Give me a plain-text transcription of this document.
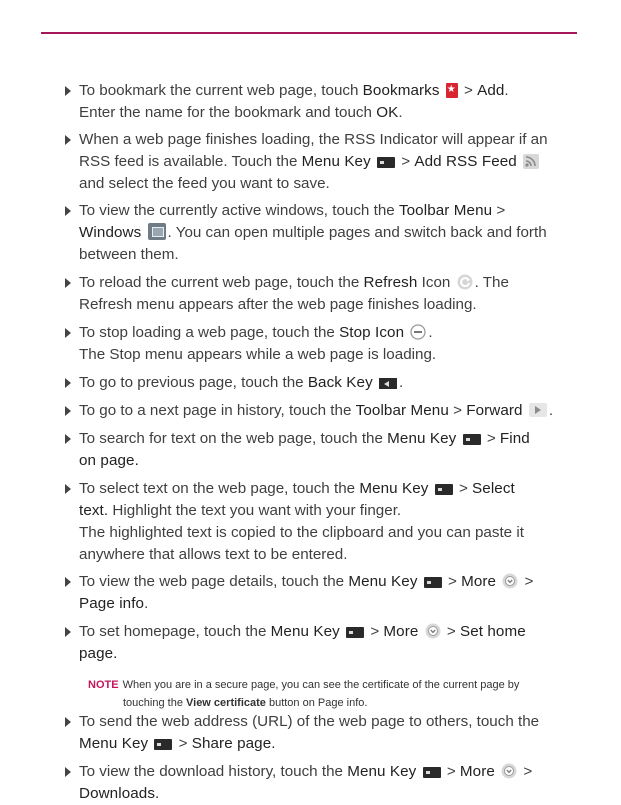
To bookmark the current web page, touch Bookmarks ★ > Add.
Enter the name for the bookmark and touch OK.
When a web page finishes loading, the RSS Indicator will appear if an
RSS feed is available. Touch the Menu Key  > Add RSS Feed
and select the feed you want to save.
To view the currently active windows, touch the Toolbar Menu >
Windows . You can open multiple pages and switch back and forth
between them.
To reload the current web page, touch the Refresh Icon . The
Refresh menu appears after the web page finishes loading.
To stop loading a web page, touch the Stop Icon .
The Stop menu appears while a web page is loading.
To go to previous page, touch the Back Key .
To go to a next page in history, touch the Toolbar Menu > Forward .
To search for text on the web page, touch the Menu Key  > Find
on page.
To select text on the web page, touch the Menu Key  > Select
text. Highlight the text you want with your finger.
The highlighted text is copied to the clipboard and you can paste it
anywhere that allows text to be entered.
To view the web page details, touch the Menu Key  > More  >
Page info.
To set homepage, touch the Menu Key  > More  > Set home
page.
NOTE When you are in a secure page, you can see the certificate of the current page by
touching the View certificate button on Page info.
To send the web address (URL) of the web page to others, touch the
Menu Key  > Share page.
To view the download history, touch the Menu Key  > More  >
Downloads.
